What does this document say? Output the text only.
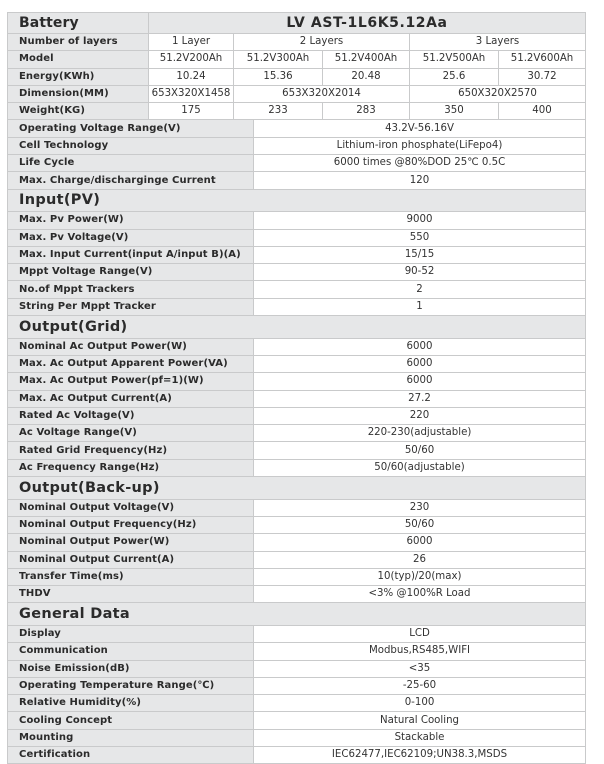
Battery	LV AST-1L6K5.12Aa					
Number of layers	1 Layer	2 Layers			3 Layers	
Model	51.2V200Ah	51.2V300Ah		51.2V400Ah	51.2V500Ah	51.2V600Ah
Energy(KWh)	10.24	15.36		20.48	25.6	30.72
Dimension(MM)	653X320X1458	653X320X2014			650X320X2570	
Weight(KG)	175	233		283	350	400
Operating Voltage Range(V)			43.2V-56.16V			
Cell Technology			Lithium-iron phosphate(LiFepo4)			
Life Cycle			6000 times @80%DOD 25℃ 0.5C			
Max. Charge/discharginge Current			120			
Input(PV)						
Max. Pv Power(W)			9000			
Max. Pv Voltage(V)			550			
Max. Input Current(input A/input B)(A)			15/15			
Mppt Voltage Range(V)			90-52			
No.of Mppt Trackers			2			
String Per Mppt Tracker			1			
Output(Grid)						
Nominal Ac Output Power(W)			6000			
Max. Ac Output Apparent Power(VA)			6000			
Max. Ac Output Power(pf=1)(W)			6000			
Max. Ac Output Current(A)			27.2			
Rated Ac Voltage(V)			220			
Ac Voltage Range(V)			220-230(adjustable)			
Rated Grid Frequency(Hz)			50/60			
Ac Frequency Range(Hz)			50/60(adjustable)			
Output(Back-up)						
Nominal Output Voltage(V)			230			
Nominal Output Frequency(Hz)			50/60			
Nominal Output Power(W)			6000			
Nominal Output Current(A)			26			
Transfer Time(ms)			10(typ)/20(max)			
THDV			<3% @100%R Load			
General Data						
Display			LCD			
Communication			Modbus,RS485,WIFI			
Noise Emission(dB)			<35			
Operating Temperature Range(℃)			-25-60			
Relative Humidity(%)			0-100			
Cooling Concept			Natural Cooling			
Mounting			Stackable			
Certification			IEC62477,IEC62109;UN38.3,MSDS			
